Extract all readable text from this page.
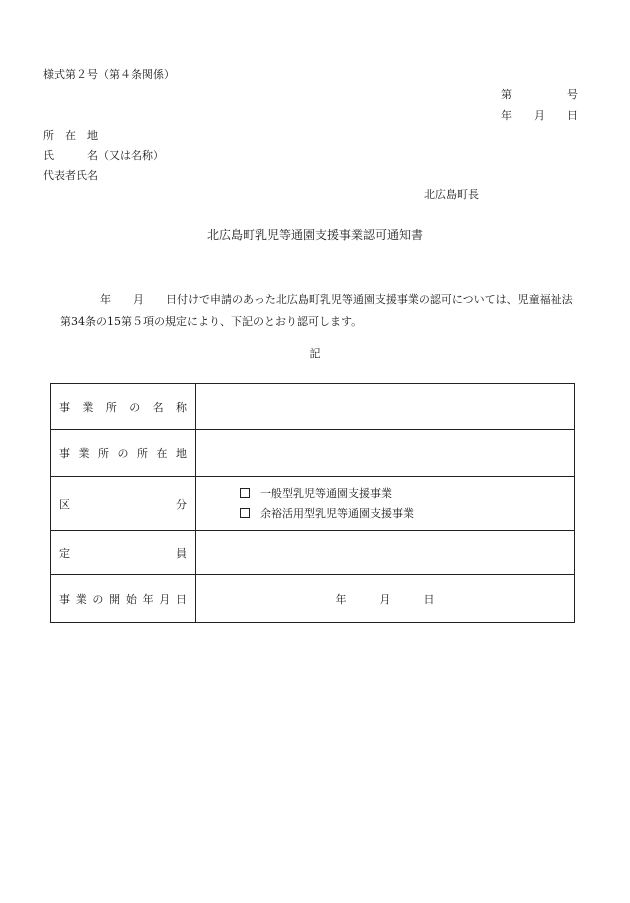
様式第２号（第４条関係）
第　　　　　号
年　　月　　日
所　在　地
氏　　　名（又は名称）
代表者氏名
北広島町長
北広島町乳児等通園支援事業認可通知書
年　　月　　日付けで申請のあった北広島町乳児等通園支援事業の認可については、児童福祉法第34条の15第５項の規定により、下記のとおり認可します。
記
事業所の名称	

事業所の所在地	

区分	一般型乳児等通園支援事業
余裕活用型乳児等通園支援事業

定員	

事業の開始年月日	年　　　月　　　日
